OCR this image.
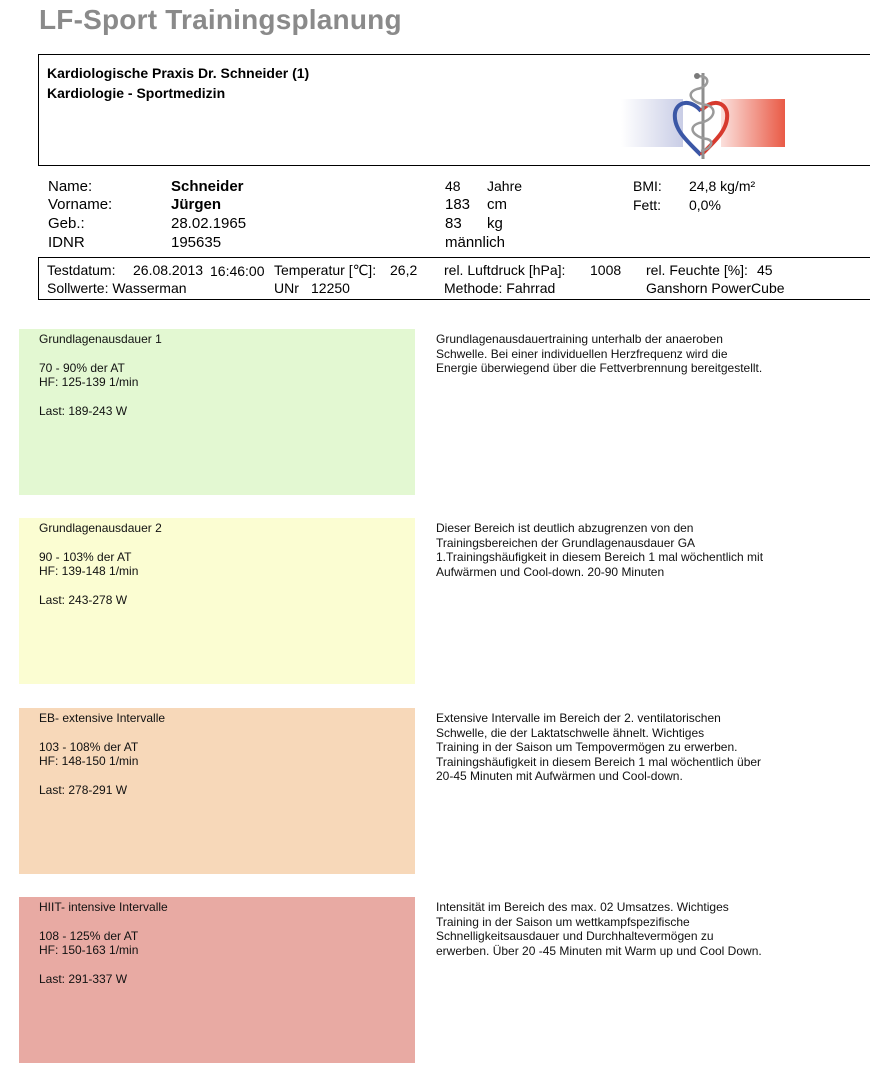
LF-Sport Trainingsplanung
Kardiologische Praxis Dr. Schneider (1)
Kardiologie - Sportmedizin
Name:	Schneider
Vorname:	Jürgen
Geb.:	28.02.1965
IDNR	195635
48 Jahre
183 cm
83 kg
männlich
BMI: 24,8 kg/m²
Fett: 0,0%
Testdatum: 26.08.2013 16:46:00 Temperatur [℃]: 26,2 rel. Luftdruck [hPa]: 1008 rel. Feuchte [%]: 45
Sollwerte: Wasserman	UNr 12250	Methode: Fahrrad	Ganshorn PowerCube
Grundlagenausdauer 1
70 - 90% der AT
HF: 125-139 1/min
Last: 189-243 W
Grundlagenausdauertraining unterhalb der anaeroben
Schwelle. Bei einer individuellen Herzfrequenz wird die
Energie überwiegend über die Fettverbrennung bereitgestellt.
Grundlagenausdauer 2
90 - 103% der AT
HF: 139-148 1/min
Last: 243-278 W
Dieser Bereich ist deutlich abzugrenzen von den
Trainingsbereichen der Grundlagenausdauer GA
1.Trainingshäufigkeit in diesem Bereich 1 mal wöchentlich mit
Aufwärmen und Cool-down. 20-90 Minuten
EB- extensive Intervalle
103 - 108% der AT
HF: 148-150 1/min
Last: 278-291 W
Extensive Intervalle im Bereich der 2. ventilatorischen
Schwelle, die der Laktatschwelle ähnelt. Wichtiges
Training in der Saison um Tempovermögen zu erwerben.
Trainingshäufigkeit in diesem Bereich 1 mal wöchentlich über
20-45 Minuten mit Aufwärmen und Cool-down.
HIIT- intensive Intervalle
108 - 125% der AT
HF: 150-163 1/min
Last: 291-337 W
Intensität im Bereich des max. 02 Umsatzes. Wichtiges
Training in der Saison um wettkampfspezifische
Schnelligkeitsausdauer und Durchhaltevermögen zu
erwerben. Über 20 -45 Minuten mit Warm up und Cool Down.
